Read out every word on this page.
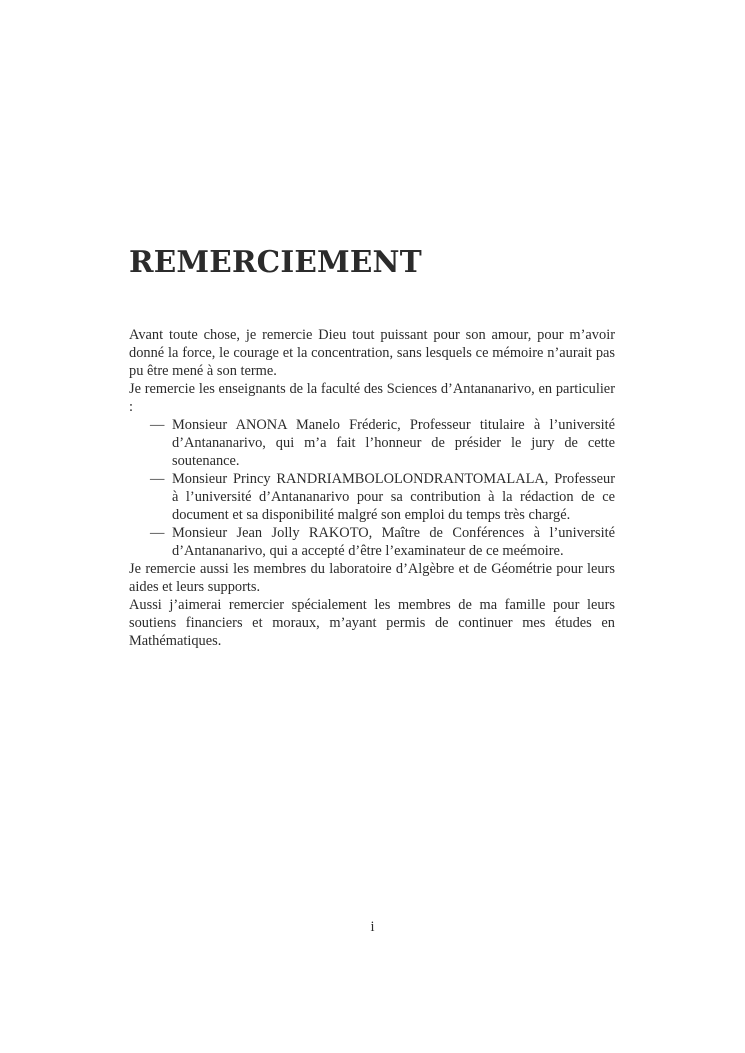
REMERCIEMENT

Avant toute chose, je remercie Dieu tout puissant pour son amour, pour m’avoir donné la force, le courage et la concentration, sans lesquels ce mémoire n’aurait pas pu être mené à son terme.

Je remercie les enseignants de la faculté des Sciences d’Antananarivo, en particulier :

— Monsieur ANONA Manelo Fréderic, Professeur titulaire à l’université d’Antananarivo, qui m’a fait l’honneur de présider le jury de cette soutenance.
— Monsieur Princy RANDRIAMBOLOLONDRANTOMALALA, Professeur à l’université d’Antananarivo pour sa contribution à la rédaction de ce document et sa disponibilité malgré son emploi du temps très chargé.
— Monsieur Jean Jolly RAKOTO, Maître de Conférences à l’université d’Antananarivo, qui a accepté d’être l’examinateur de ce meémoire.

Je remercie aussi les membres du laboratoire d’Algèbre et de Géométrie pour leurs aides et leurs supports.

Aussi j’aimerai remercier spécialement les membres de ma famille pour leurs soutiens financiers et moraux, m’ayant permis de continuer mes études en Mathématiques.

i
